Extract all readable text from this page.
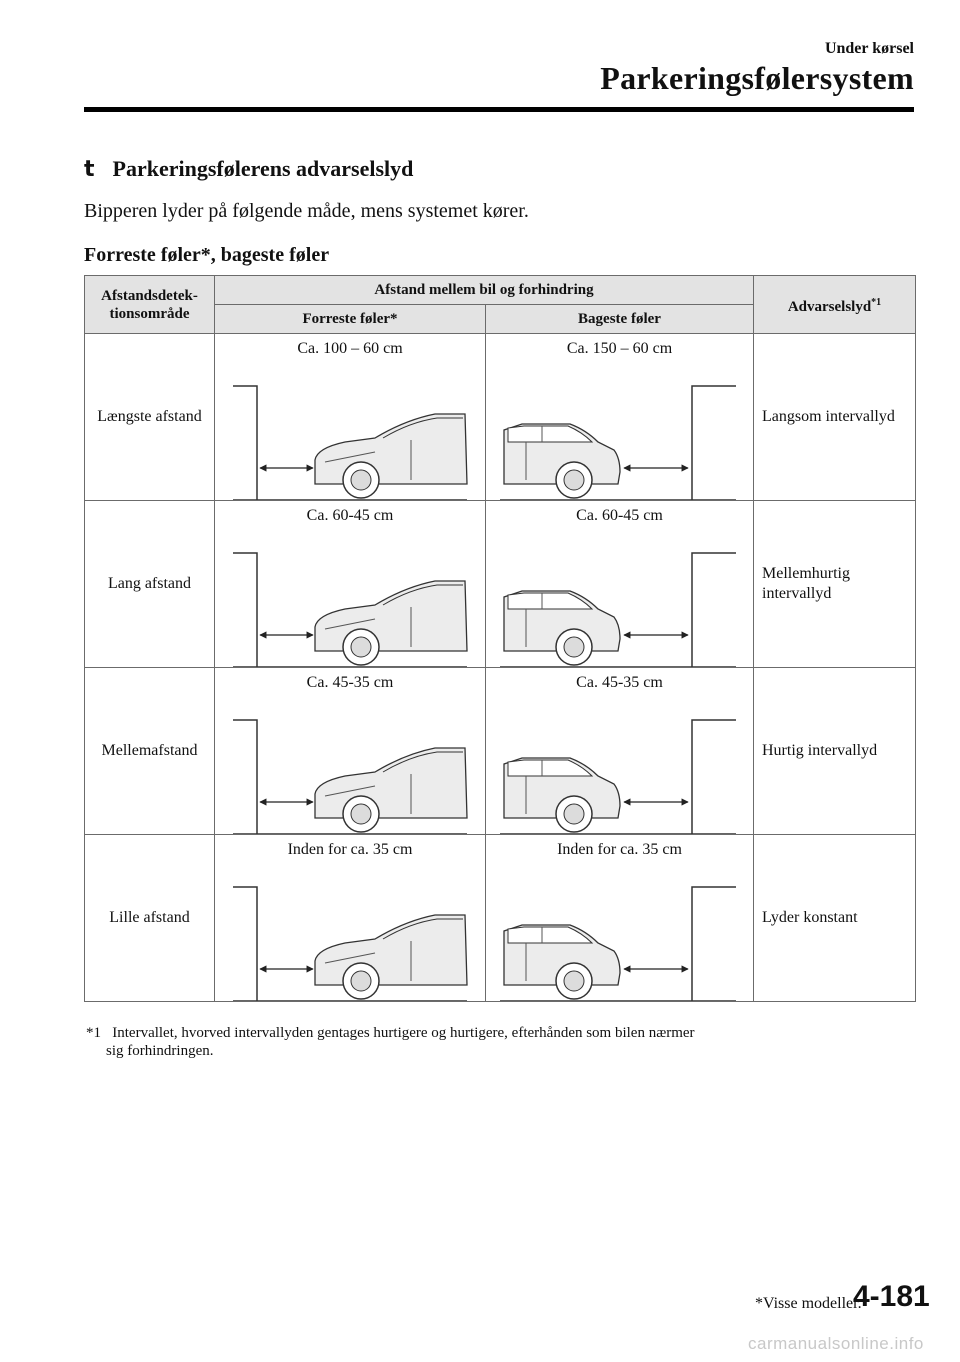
Under kørsel
Parkeringsfølersystem
t Parkeringsfølerens advarselslyd
Bipperen lyder på følgende måde, mens systemet kører.
Forreste føler*, bageste føler
Afstandsdetek-tionsområde	Afstand mellem bil og forhindring		Advarselslyd$^{*1}$
	Forreste føler*	Bageste føler	
Længste afstand	Ca. 100 – 60 cm	Ca. 150 – 60 cm	Langsom intervallyd
Lang afstand	Ca. 60-45 cm	Ca. 60-45 cm	Mellemhurtig intervallyd
Mellemafstand	Ca. 45-35 cm	Ca. 45-35 cm	Hurtig intervallyd
Lille afstand	Inden for ca. 35 cm	Inden for ca. 35 cm	Lyder konstant
*1 Intervallet, hvorved intervallyden gentages hurtigere og hurtigere, efterhånden som bilen nærmer
sig forhindringen.
*Visse modeller.
4-181
carmanualsonline.info
